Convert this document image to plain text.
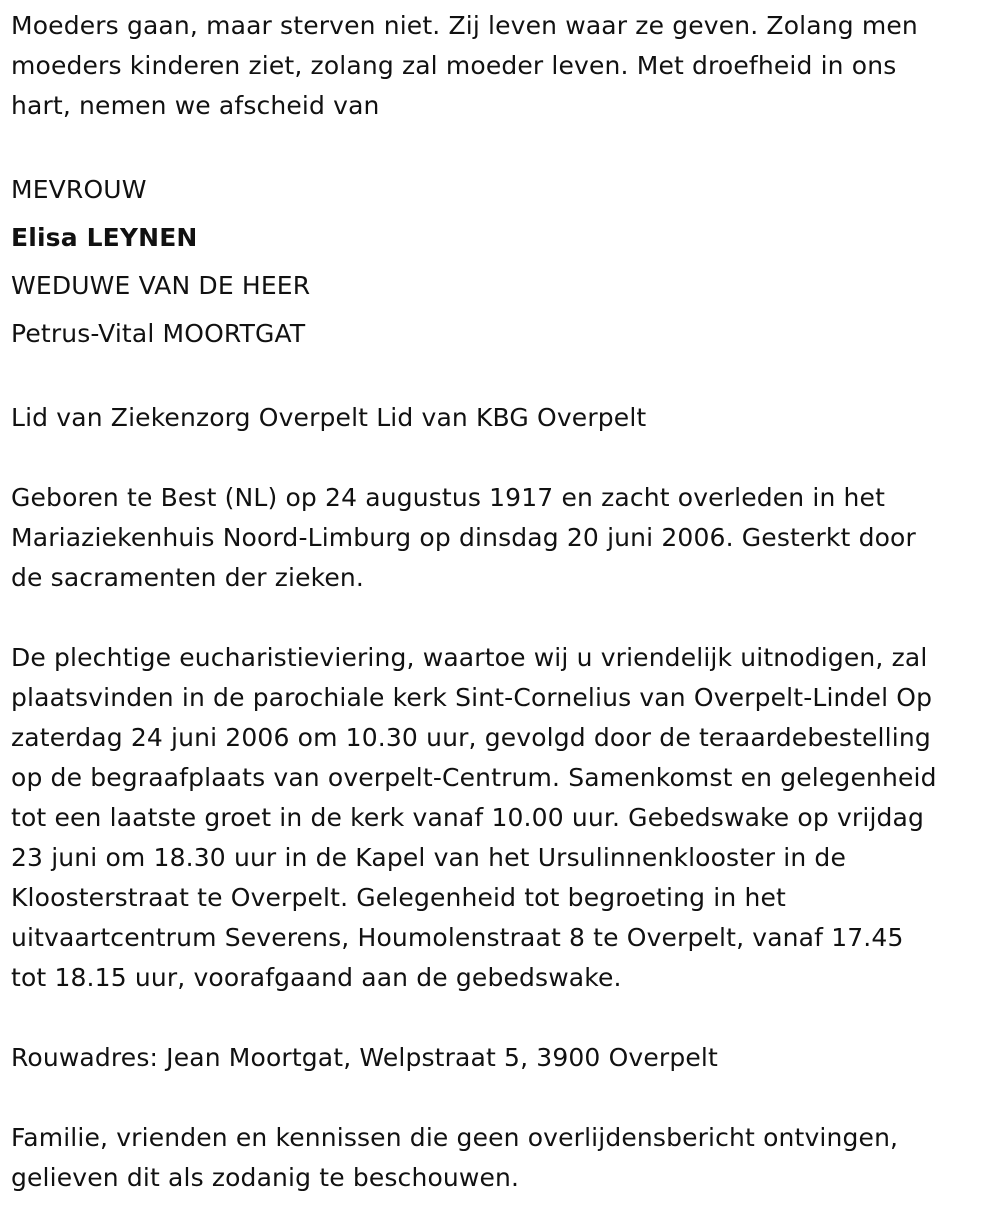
Moeders gaan, maar sterven niet. Zij leven waar ze geven. Zolang men
moeders kinderen ziet, zolang zal moeder leven. Met droefheid in ons
hart, nemen we afscheid van

MEVROUW

Elisa LEYNEN

WEDUWE VAN DE HEER

Petrus-Vital MOORTGAT

Lid van Ziekenzorg Overpelt Lid van KBG Overpelt

Geboren te Best (NL) op 24 augustus 1917 en zacht overleden in het
Mariaziekenhuis Noord-Limburg op dinsdag 20 juni 2006. Gesterkt door
de sacramenten der zieken.

De plechtige eucharistieviering, waartoe wij u vriendelijk uitnodigen, zal
plaatsvinden in de parochiale kerk Sint-Cornelius van Overpelt-Lindel Op
zaterdag 24 juni 2006 om 10.30 uur, gevolgd door de teraardebestelling
op de begraafplaats van overpelt-Centrum. Samenkomst en gelegenheid
tot een laatste groet in de kerk vanaf 10.00 uur. Gebedswake op vrijdag
23 juni om 18.30 uur in de Kapel van het Ursulinnenklooster in de
Kloosterstraat te Overpelt. Gelegenheid tot begroeting in het
uitvaartcentrum Severens, Houmolenstraat 8 te Overpelt, vanaf 17.45
tot 18.15 uur, voorafgaand aan de gebedswake.

Rouwadres: Jean Moortgat, Welpstraat 5, 3900 Overpelt

Familie, vrienden en kennissen die geen overlijdensbericht ontvingen,
gelieven dit als zodanig te beschouwen.
